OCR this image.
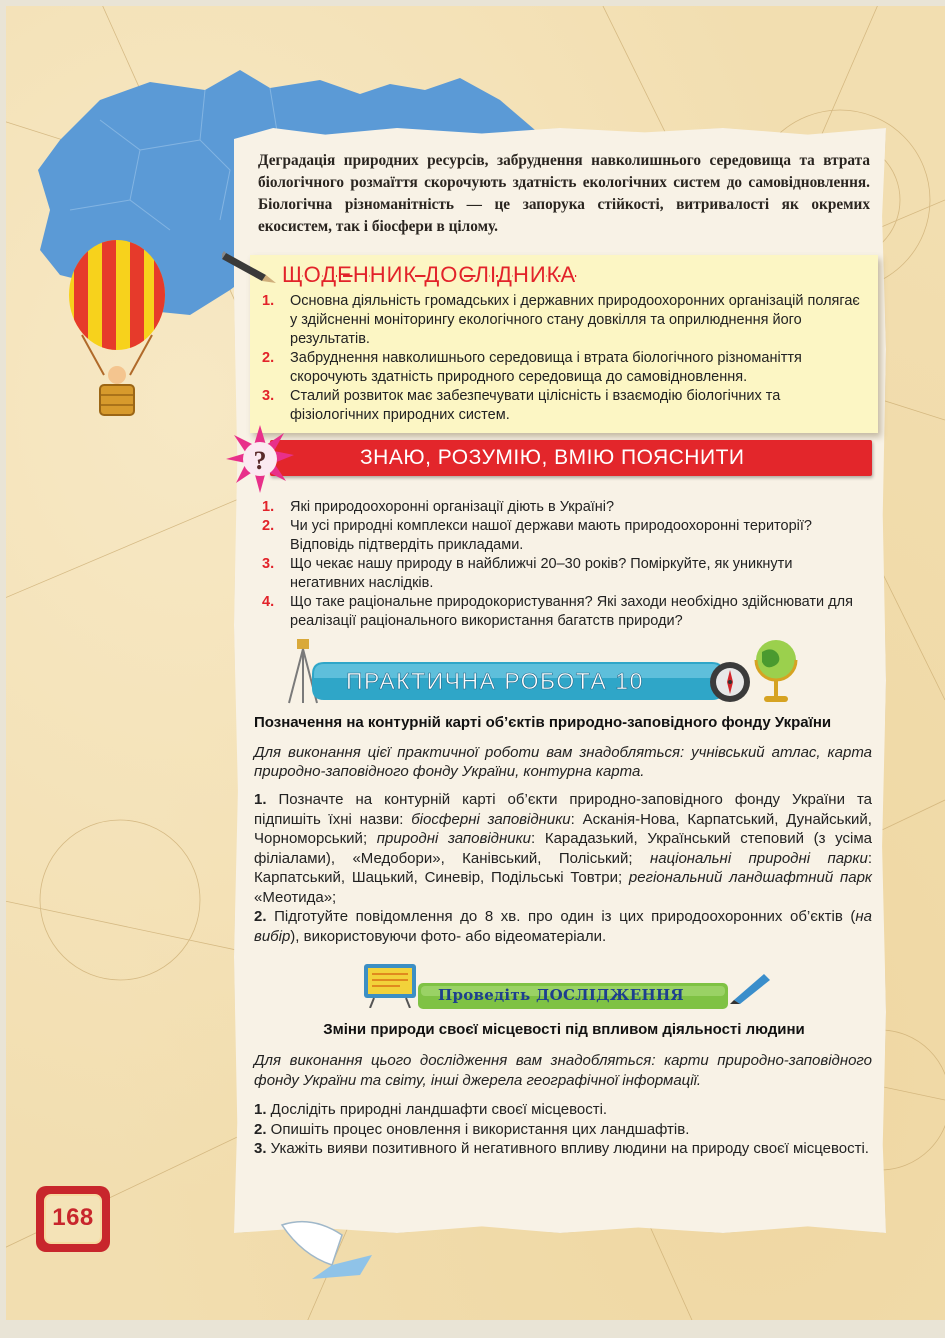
Деградація природних ресурсів, забруднення навколишнього середовища та втрата біологічного розмаїття скорочують здатність екологічних систем до самовідновлення. Біологічна різноманітність — це запорука стійкості, витривалості як окремих екосистем, так і біосфери в цілому.

ЩОДЕННИК ДОСЛІДНИКА
1. Основна діяльність громадських і державних природоохоронних організацій полягає у здійсненні моніторингу екологічного стану довкілля та оприлюднення його результатів.
2. Забруднення навколишнього середовища і втрата біологічного різноманіття скорочують здатність природного середовища до самовідновлення.
3. Сталий розвиток має забезпечувати цілісність і взаємодію біологічних та фізіологічних природних систем.
?	ЗНАЮ, РОЗУМІЮ, ВМІЮ ПОЯСНИТИ
1. Які природоохоронні організації діють в Україні?
2. Чи усі природні комплекси нашої держави мають природоохоронні території? Відповідь підтвердіть прикладами.
3. Що чекає нашу природу в найближчі 20–30 років? Поміркуйте, як уникнути негативних наслідків.
4. Що таке раціональне природокористування? Які заходи необхідно здійснювати для реалізації раціонального використання багатств природи?
ПРАКТИЧНА РОБОТА 10

Позначення на контурній карті об’єктів природно-заповідного фонду України

Для виконання цієї практичної роботи вам знадобляться: учнівський атлас, карта природно-заповідного фонду України, контурна карта.

1. Позначте на контурній карті об’єкти природно-заповідного фонду України та підпишіть їхні назви: біосферні заповідники: Асканія-Нова, Карпатський, Дунайський, Чорноморський; природні заповідники: Карадазький, Український степовий (з усіма філіалами), «Медобори», Канівський, Поліський; національні природні парки: Карпатський, Шацький, Синевір, Подільські Товтри; регіональний ландшафтний парк «Меотида»;
2. Підготуйте повідомлення до 8 хв. про один із цих природоохоронних об’єктів (на вибір), використовуючи фото- або відеоматеріали.

Проведіть ДОСЛІДЖЕННЯ

Зміни природи своєї місцевості під впливом діяльності людини

Для виконання цього дослідження вам знадобляться: карти природно-заповідного фонду України та світу, інші джерела географічної інформації.

1. Дослідіть природні ландшафти своєї місцевості.
2. Опишіть процес оновлення і використання цих ландшафтів.
3. Укажіть вияви позитивного й негативного впливу людини на природу своєї місцевості.

168
